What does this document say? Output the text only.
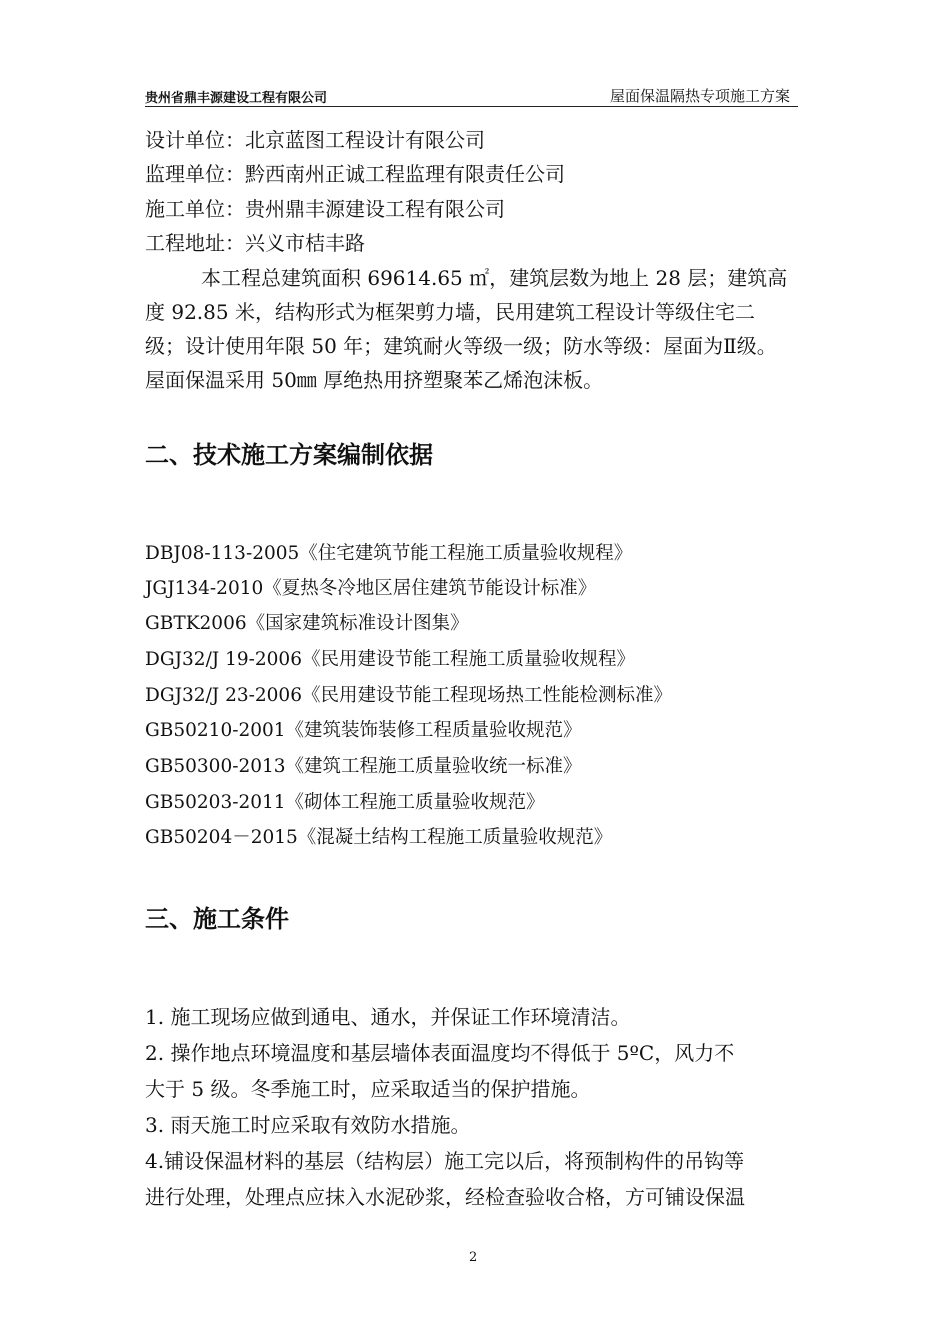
贵州省鼎丰源建设工程有限公司	屋面保温隔热专项施工方案
设计单位：北京蓝图工程设计有限公司
监理单位：黔西南州正诚工程监理有限责任公司
施工单位：贵州鼎丰源建设工程有限公司
工程地址：兴义市桔丰路
本工程总建筑面积 69614.65 ㎡，建筑层数为地上 28 层；建筑高
度 92.85 米，结构形式为框架剪力墙，民用建筑工程设计等级住宅二
级；设计使用年限 50 年；建筑耐火等级一级；防水等级：屋面为Ⅱ级。
屋面保温采用 50㎜ 厚绝热用挤塑聚苯乙烯泡沫板。
二、技术施工方案编制依据
DBJ08-113-2005《住宅建筑节能工程施工质量验收规程》
JGJ134-2010《夏热冬冷地区居住建筑节能设计标准》
GBTK2006《国家建筑标准设计图集》
DGJ32/J 19-2006《民用建设节能工程施工质量验收规程》
DGJ32/J 23-2006《民用建设节能工程现场热工性能检测标准》
GB50210-2001《建筑装饰装修工程质量验收规范》
GB50300-2013《建筑工程施工质量验收统一标准》
GB50203-2011《砌体工程施工质量验收规范》
GB50204－2015《混凝土结构工程施工质量验收规范》
三、施工条件
1. 施工现场应做到通电、通水，并保证工作环境清洁。
2. 操作地点环境温度和基层墙体表面温度均不得低于 5ºC，风力不
大于 5 级。冬季施工时，应采取适当的保护措施。
3. 雨天施工时应采取有效防水措施。
4.铺设保温材料的基层（结构层）施工完以后，将预制构件的吊钩等
进行处理，处理点应抹入水泥砂浆，经检查验收合格，方可铺设保温
2
